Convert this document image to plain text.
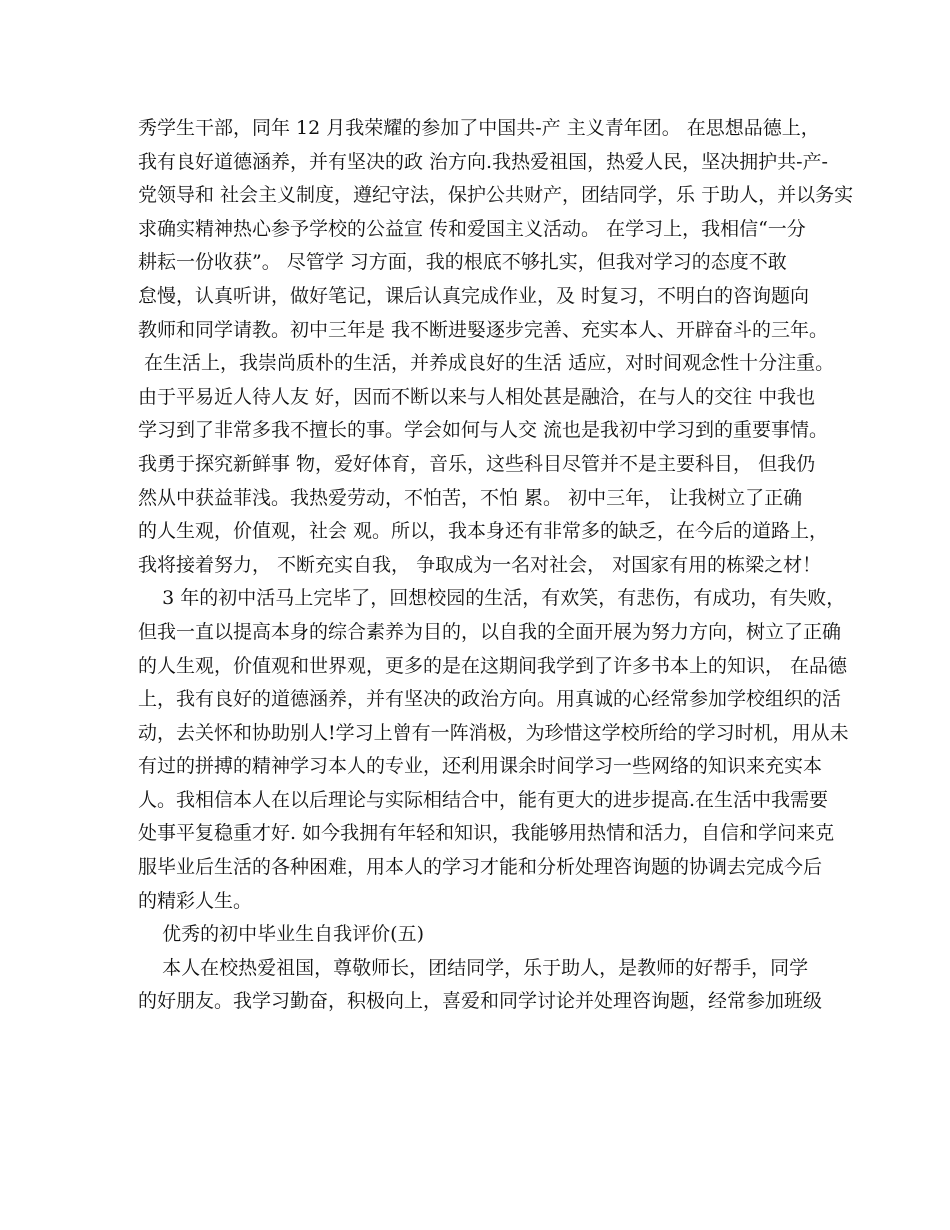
秀学生干部，同年 12 月我荣耀的参加了中国共-产 主义青年团。 在思想品德上，
我有良好道德涵养，并有坚决的政 治方向.我热爱祖国，热爱人民，坚决拥护共-产-
党领导和 社会主义制度，遵纪守法，保护公共财产，团结同学，乐 于助人，并以务实
求确实精神热心参予学校的公益宣 传和爱国主义活动。 在学习上，我相信“一分
耕耘一份收获”。 尽管学 习方面，我的根底不够扎实，但我对学习的态度不敢
怠慢，认真听讲，做好笔记，课后认真完成作业，及 时复习，不明白的咨询题向
教师和同学请教。初中三年是 我不断进婜逐步完善、充实本人、开辟奋斗的三年。
在生活上，我崇尚质朴的生活，并养成良好的生活 适应，对时间观念性十分注重。
由于平易近人待人友 好，因而不断以来与人相处甚是融洽，在与人的交往 中我也
学习到了非常多我不擅长的事。学会如何与人交 流也是我初中学习到的重要事情。
我勇于探究新鲜事 物，爱好体育，音乐，这些科目尽管并不是主要科目， 但我仍
然从中获益菲浅。我热爱劳动，不怕苦，不怕 累。 初中三年， 让我树立了正确
的人生观，价值观，社会 观。所以，我本身还有非常多的缺乏，在今后的道路上，
我将接着努力， 不断充实自我， 争取成为一名对社会， 对国家有用的栋梁之材！
3 年的初中活马上完毕了，回想校园的生活，有欢笑，有悲伤，有成功，有失败，
但我一直以提高本身的综合素养为目的，以自我的全面开展为努力方向，树立了正确
的人生观，价值观和世界观，更多的是在这期间我学到了许多书本上的知识， 在品德
上，我有良好的道德涵养，并有坚决的政治方向。用真诚的心经常参加学校组织的活
动，去关怀和协助别人!学习上曾有一阵消极，为珍惜这学校所给的学习时机，用从未
有过的拼搏的精神学习本人的专业，还利用课余时间学习一些网络的知识来充实本
人。我相信本人在以后理论与实际相结合中，能有更大的进步提高.在生活中我需要
处事平复稳重才好. 如今我拥有年轻和知识，我能够用热情和活力，自信和学问来克
服毕业后生活的各种困难，用本人的学习才能和分析处理咨询题的协调去完成今后
的精彩人生。
优秀的初中毕业生自我评价(五)
本人在校热爱祖国，尊敬师长，团结同学，乐于助人，是教师的好帮手，同学
的好朋友。我学习勤奋，积极向上，喜爱和同学讨论并处理咨询题，经常参加班级
